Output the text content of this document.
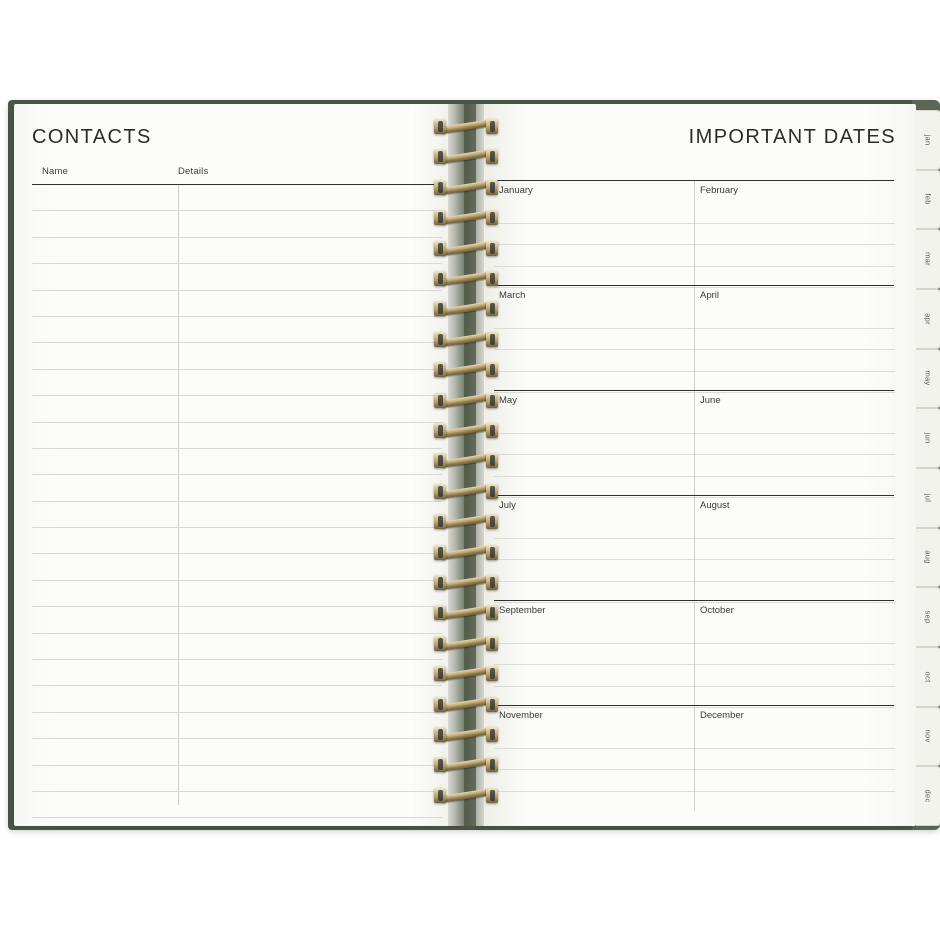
CONTACTS
Name	Details
IMPORTANT DATES
January	February
March	April
May	June
July	August
September	October
November	December
jan
feb
mar
apr
may
jun
jul
aug
sep
oct
nov
dec
